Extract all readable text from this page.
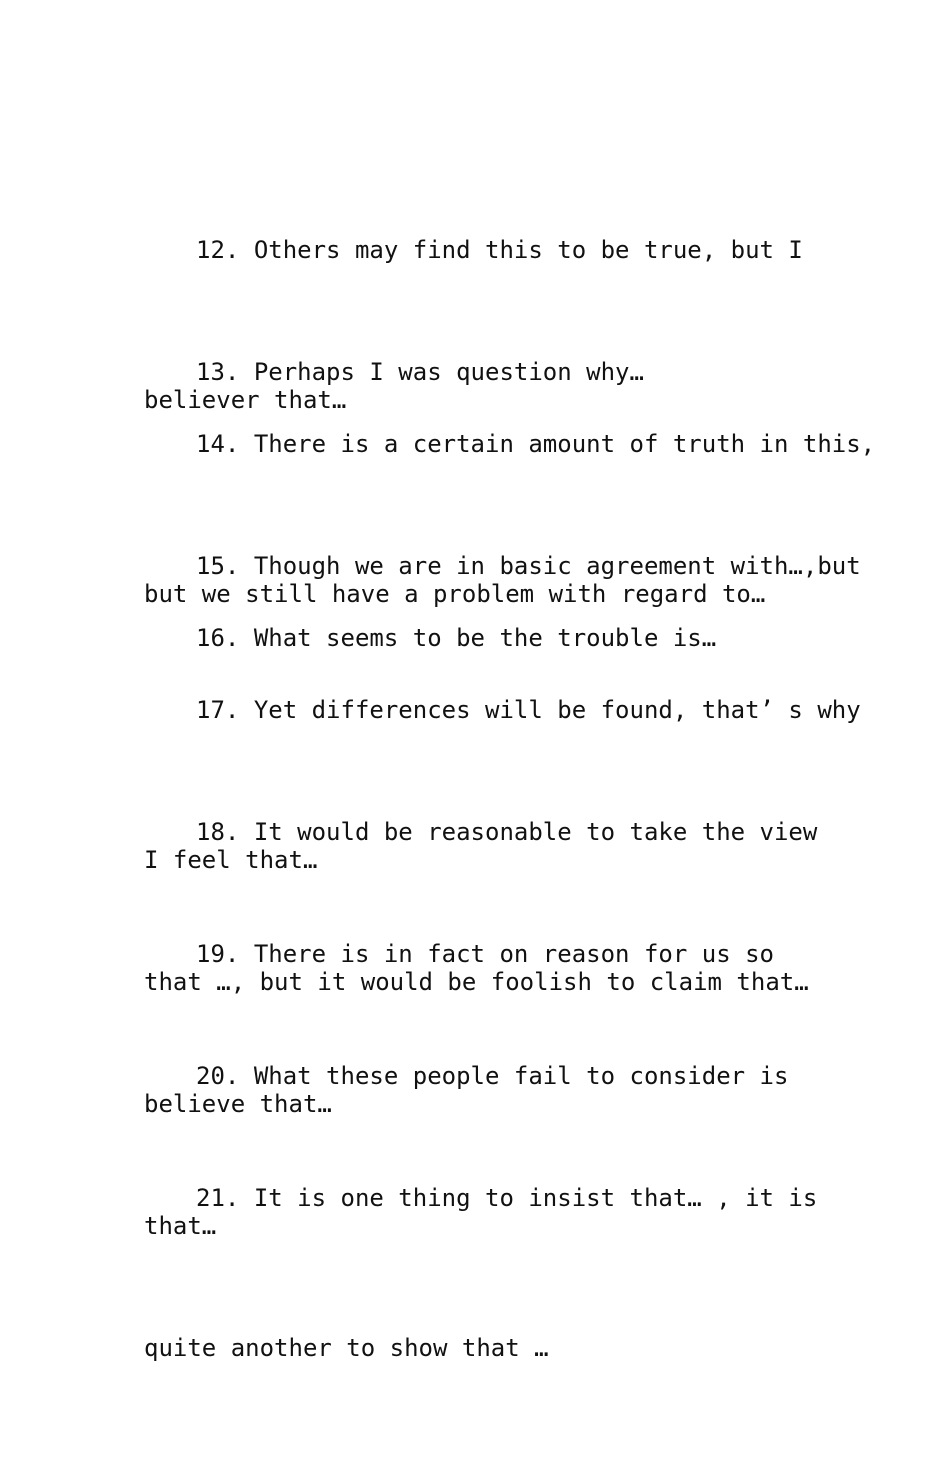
12. Others may find this to be true, but I

believer that…

13. Perhaps I was question why…

14. There is a certain amount of truth in this,

but we still have a problem with regard to…

15. Though we are in basic agreement with…,but

16. What seems to be the trouble is…

17. Yet differences will be found, that’ s why

I feel that…

18. It would be reasonable to take the view

that …, but it would be foolish to claim that…

19. There is in fact on reason for us so

believe that…

20. What these people fail to consider is

that…

21. It is one thing to insist that… , it is

quite another to show that …
